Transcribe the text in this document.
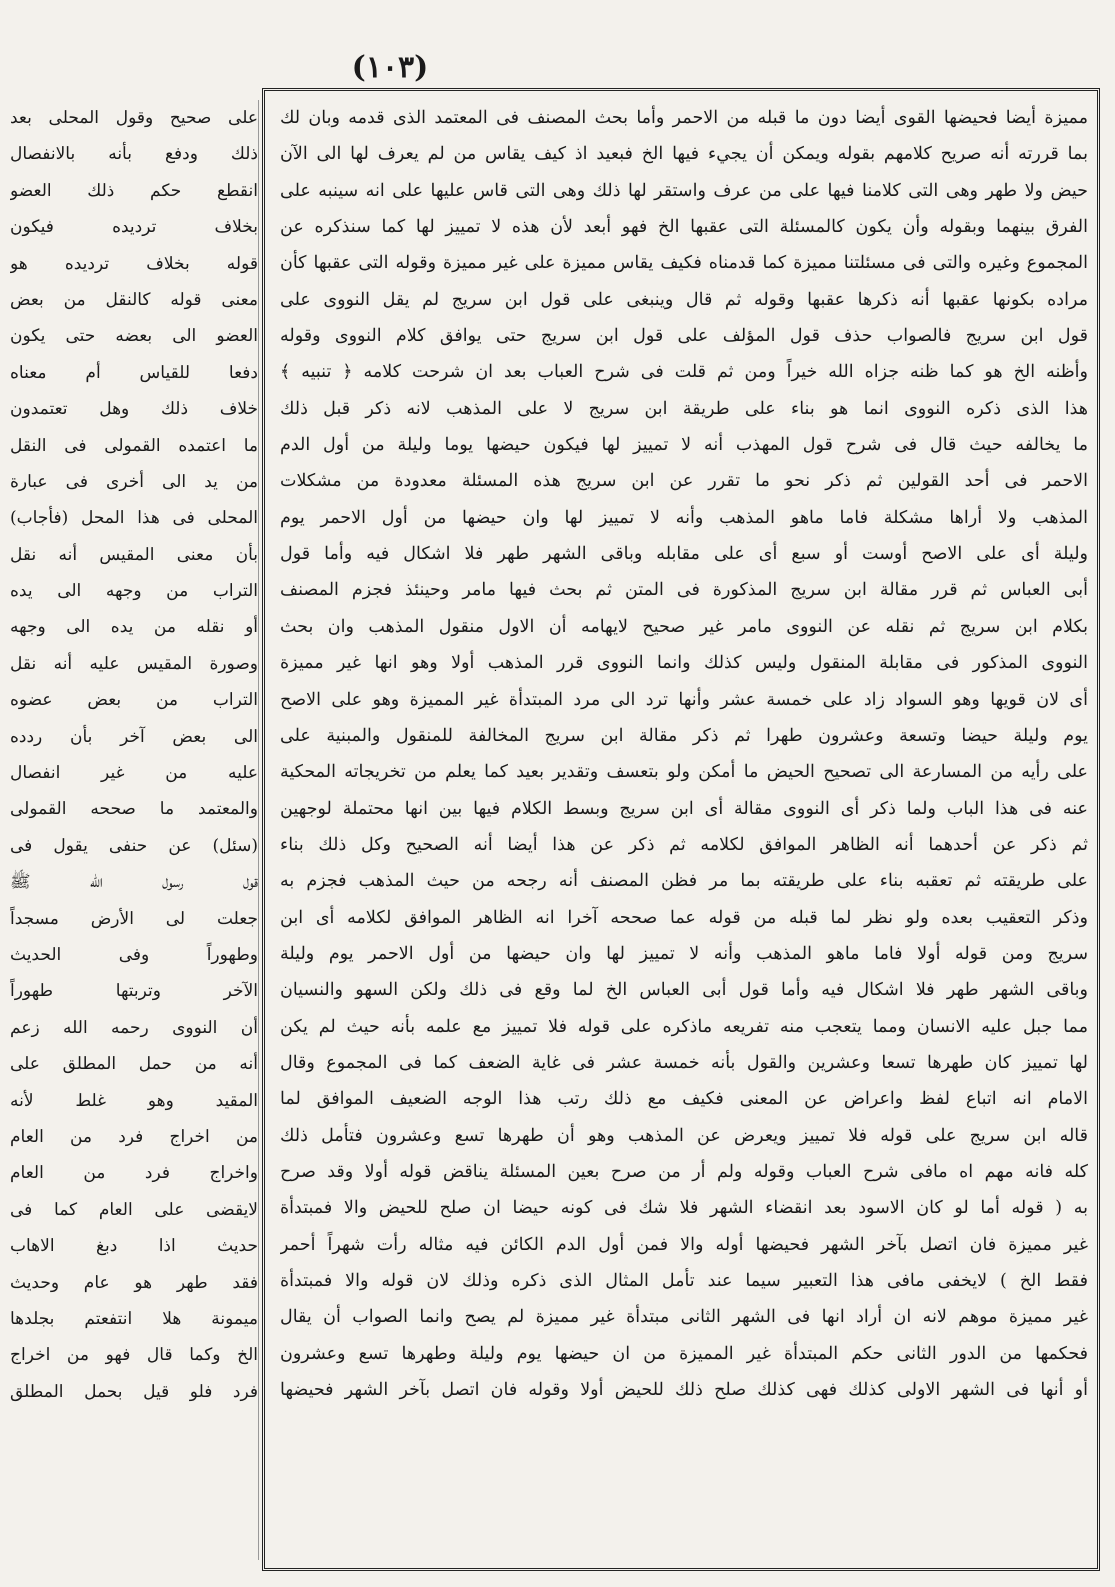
(١٠٣)
مميزة أيضا فحيضها القوى أيضا دون ما قبله من الاحمر وأما بحث المصنف فى المعتمد الذى قدمه وبان لك
بما قررته أنه صريح كلامهم بقوله ويمكن أن يجيء فيها الخ فبعيد اذ كيف يقاس من لم يعرف لها الى الآن
حيض ولا طهر وهى التى كلامنا فيها على من عرف واستقر لها ذلك وهى التى قاس عليها على انه سينبه على
الفرق بينهما وبقوله وأن يكون كالمسئلة التى عقبها الخ فهو أبعد لأن هذه لا تمييز لها كما سنذكره عن
المجموع وغيره والتى فى مسئلتنا مميزة كما قدمناه فكيف يقاس مميزة على غير مميزة وقوله التى عقبها كأن
مراده بكونها عقبها أنه ذكرها عقبها وقوله ثم قال وينبغى على قول ابن سريج لم يقل النووى على
قول ابن سريج فالصواب حذف قول المؤلف على قول ابن سريج حتى يوافق كلام النووى وقوله
وأظنه الخ هو كما ظنه جزاه الله خيراً ومن ثم قلت فى شرح العباب بعد ان شرحت كلامه ﴿ تنبيه ﴾
هذا الذى ذكره النووى انما هو بناء على طريقة ابن سريج لا على المذهب لانه ذكر قبل ذلك
ما يخالفه حيث قال فى شرح قول المهذب أنه لا تمييز لها فيكون حيضها يوما وليلة من أول الدم
الاحمر فى أحد القولين ثم ذكر نحو ما تقرر عن ابن سريج هذه المسئلة معدودة من مشكلات
المذهب ولا أراها مشكلة فاما ماهو المذهب وأنه لا تمييز لها وان حيضها من أول الاحمر يوم
وليلة أى على الاصح أوست أو سبع أى على مقابله وباقى الشهر طهر فلا اشكال فيه وأما قول
أبى العباس ثم قرر مقالة ابن سريج المذكورة فى المتن ثم بحث فيها مامر وحينئذ فجزم المصنف
بكلام ابن سريج ثم نقله عن النووى مامر غير صحيح لايهامه أن الاول منقول المذهب وان بحث
النووى المذكور فى مقابلة المنقول وليس كذلك وانما النووى قرر المذهب أولا وهو انها غير مميزة
أى لان قويها وهو السواد زاد على خمسة عشر وأنها ترد الى مرد المبتدأة غير المميزة وهو على الاصح
يوم وليلة حيضا وتسعة وعشرون طهرا ثم ذكر مقالة ابن سريج المخالفة للمنقول والمبنية على
على رأيه من المسارعة الى تصحيح الحيض ما أمكن ولو بتعسف وتقدير بعيد كما يعلم من تخريجاته المحكية
عنه فى هذا الباب ولما ذكر أى النووى مقالة أى ابن سريج وبسط الكلام فيها بين انها محتملة لوجهين
ثم ذكر عن أحدهما أنه الظاهر الموافق لكلامه ثم ذكر عن هذا أيضا أنه الصحيح وكل ذلك بناء
على طريقته ثم تعقبه بناء على طريقته بما مر فظن المصنف أنه رجحه من حيث المذهب فجزم به
وذكر التعقيب بعده ولو نظر لما قبله من قوله عما صححه آخرا انه الظاهر الموافق لكلامه أى ابن
سريج ومن قوله أولا فاما ماهو المذهب وأنه لا تمييز لها وان حيضها من أول الاحمر يوم وليلة
وباقى الشهر طهر فلا اشكال فيه وأما قول أبى العباس الخ لما وقع فى ذلك ولكن السهو والنسيان
مما جبل عليه الانسان ومما يتعجب منه تفريعه ماذكره على قوله فلا تمييز مع علمه بأنه حيث لم يكن
لها تمييز كان طهرها تسعا وعشرين والقول بأنه خمسة عشر فى غاية الضعف كما فى المجموع وقال
الامام انه اتباع لفظ واعراض عن المعنى فكيف مع ذلك رتب هذا الوجه الضعيف الموافق لما
قاله ابن سريج على قوله فلا تمييز ويعرض عن المذهب وهو أن طهرها تسع وعشرون فتأمل ذلك
كله فانه مهم اه مافى شرح العباب وقوله ولم أر من صرح بعين المسئلة يناقض قوله أولا وقد صرح
به ( قوله أما لو كان الاسود بعد انقضاء الشهر فلا شك فى كونه حيضا ان صلح للحيض والا فمبتدأة
غير مميزة فان اتصل بآخر الشهر فحيضها أوله والا فمن أول الدم الكائن فيه مثاله رأت شهراً أحمر
فقط الخ ) لايخفى مافى هذا التعبير سيما عند تأمل المثال الذى ذكره وذلك لان قوله والا فمبتدأة
غير مميزة موهم لانه ان أراد انها فى الشهر الثانى مبتدأة غير مميزة لم يصح وانما الصواب أن يقال
فحكمها من الدور الثانى حكم المبتدأة غير المميزة من ان حيضها يوم وليلة وطهرها تسع وعشرون
أو أنها فى الشهر الاولى كذلك فهى كذلك صلح ذلك للحيض أولا وقوله فان اتصل بآخر الشهر فحيضها
على صحيح وقول المحلى بعد
ذلك ودفع بأنه بالانفصال
انقطع حكم ذلك العضو
بخلاف ترديده فيكون
قوله بخلاف ترديده هو
معنى قوله كالنقل من بعض
العضو الى بعضه حتى يكون
دفعا للقياس أم معناه
خلاف ذلك وهل تعتمدون
ما اعتمده القمولى فى النقل
من يد الى أخرى فى عبارة
المحلى فى هذا المحل (فأجاب)
بأن معنى المقيس أنه نقل
التراب من وجهه الى يده
أو نقله من يده الى وجهه
وصورة المقيس عليه أنه نقل
التراب من بعض عضوه
الى بعض آخر بأن ردده
عليه من غير انفصال
والمعتمد ما صححه القمولى
(سئل) عن حنفى يقول فى
قول رسول الله ﷺ
جعلت لى الأرض مسجداً
وطهوراً وفى الحديث
الآخر وتربتها طهوراً
أن النووى رحمه الله زعم
أنه من حمل المطلق على
المقيد وهو غلط لأنه
من اخراج فرد من العام
واخراج فرد من العام
لايقضى على العام كما فى
حديث اذا دبغ الاهاب
فقد طهر هو عام وحديث
ميمونة هلا انتفعتم بجلدها
الخ وكما قال فهو من اخراج
فرد فلو قيل بحمل المطلق
